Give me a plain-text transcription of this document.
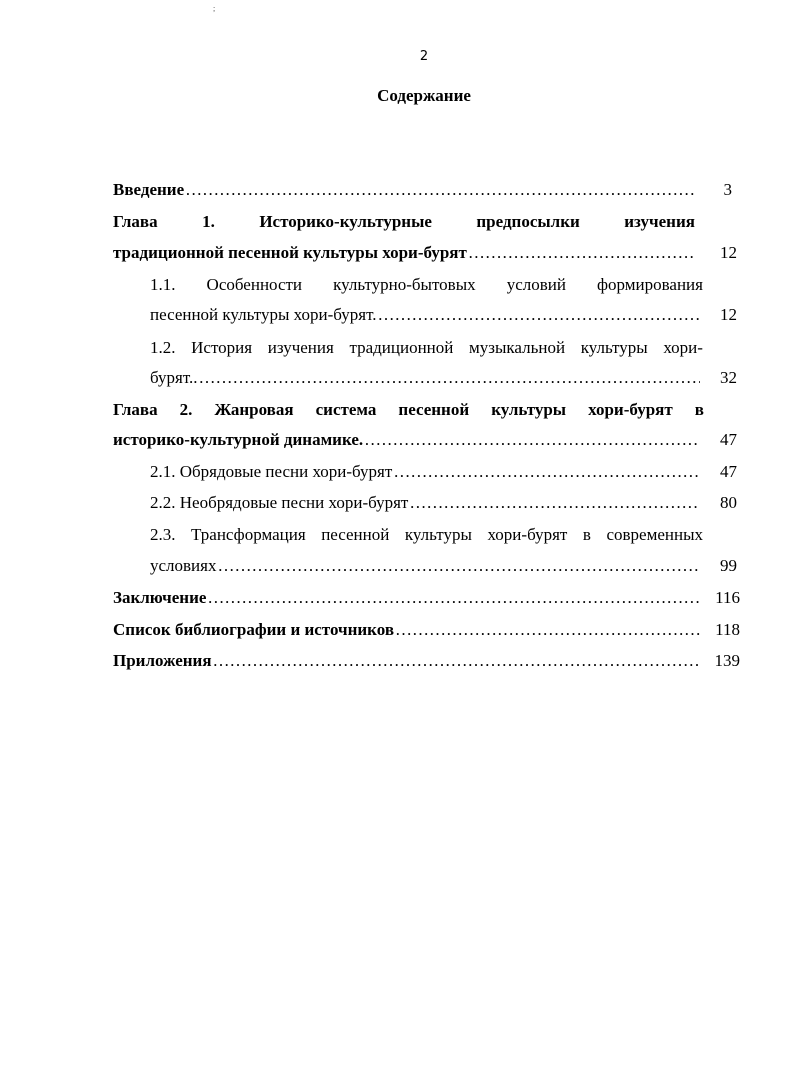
;
2
Содержание
Введение ……………………………………………………………………………………………………………………………………	3
Глава	1.	Историко-культурные	предпосылки	изучения
традиционной песенной культуры хори-бурят ……………………………………………………………………………………………………………………………………	12
1.1. Особенности культурно-бытовых условий формирования
песенной культуры хори-бурят. ……………………………………………………………………………………………………………………………………	12
1.2. История изучения традиционной музыкальной культуры хори-
бурят.. ……………………………………………………………………………………………………………………………………	32
Глава 2. Жанровая система песенной культуры хори-бурят в
историко-культурной динамике. ……………………………………………………………………………………………………………………………………	47
2.1. Обрядовые песни хори-бурят ……………………………………………………………………………………………………………………………………	47
2.2. Необрядовые песни хори-бурят ……………………………………………………………………………………………………………………………………	80
2.3. Трансформация песенной культуры хори-бурят в современных
условиях ……………………………………………………………………………………………………………………………………	99
Заключение ……………………………………………………………………………………………………………………………………	116
Список библиографии и источников ……………………………………………………………………………………………………………………………………	118
Приложения ……………………………………………………………………………………………………………………………………	139
